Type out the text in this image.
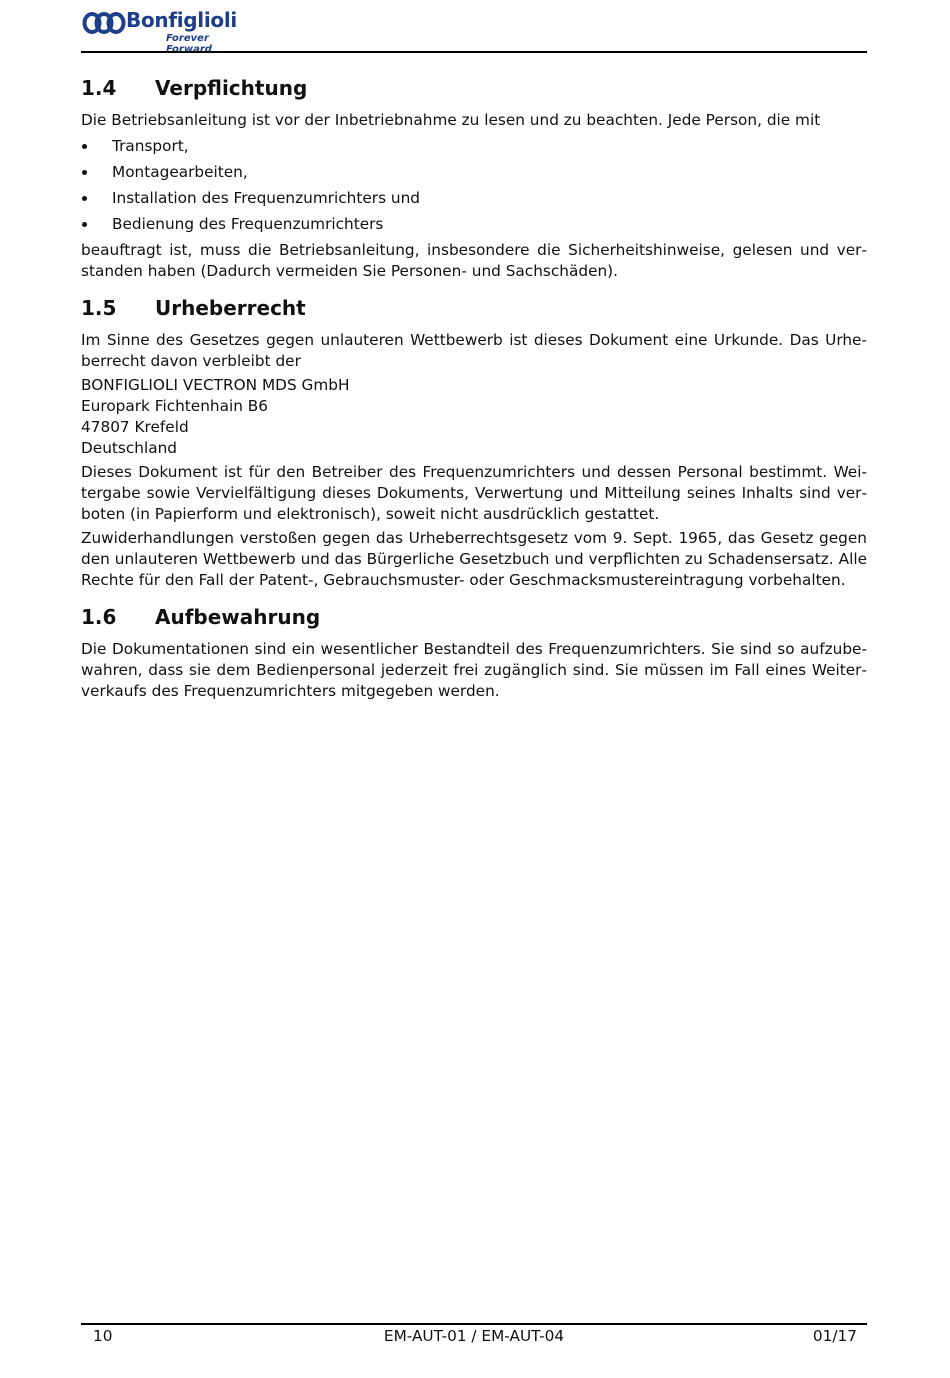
Bonfiglioli
Forever Forward
1.4	Verpflichtung

Die Betriebsanleitung ist vor der Inbetriebnahme zu lesen und zu beachten. Jede Person, die mit

Transport,
Montagearbeiten,
Installation des Frequenzumrichters und
Bedienung des Frequenzumrichters

beauftragt ist, muss die Betriebsanleitung, insbesondere die Sicherheitshinweise, gelesen und verstanden haben (Dadurch vermeiden Sie Personen- und Sachschäden).

1.5	Urheberrecht

Im Sinne des Gesetzes gegen unlauteren Wettbewerb ist dieses Dokument eine Urkunde. Das Urheberrecht davon verbleibt der

BONFIGLIOLI VECTRON MDS GmbH
Europark Fichtenhain B6
47807 Krefeld
Deutschland

Dieses Dokument ist für den Betreiber des Frequenzumrichters und dessen Personal bestimmt. Weitergabe sowie Vervielfältigung dieses Dokuments, Verwertung und Mitteilung seines Inhalts sind verboten (in Papierform und elektronisch), soweit nicht ausdrücklich gestattet.

Zuwiderhandlungen verstoßen gegen das Urheberrechtsgesetz vom 9. Sept. 1965, das Gesetz gegen den unlauteren Wettbewerb und das Bürgerliche Gesetzbuch und verpflichten zu Schadensersatz. Alle Rechte für den Fall der Patent-, Gebrauchsmuster- oder Geschmacksmustereintragung vorbehalten.

1.6	Aufbewahrung

Die Dokumentationen sind ein wesentlicher Bestandteil des Frequenzumrichters. Sie sind so aufzubewahren, dass sie dem Bedienpersonal jederzeit frei zugänglich sind. Sie müssen im Fall eines Weiterverkaufs des Frequenzumrichters mitgegeben werden.

10	EM-AUT-01 / EM-AUT-04	01/17
